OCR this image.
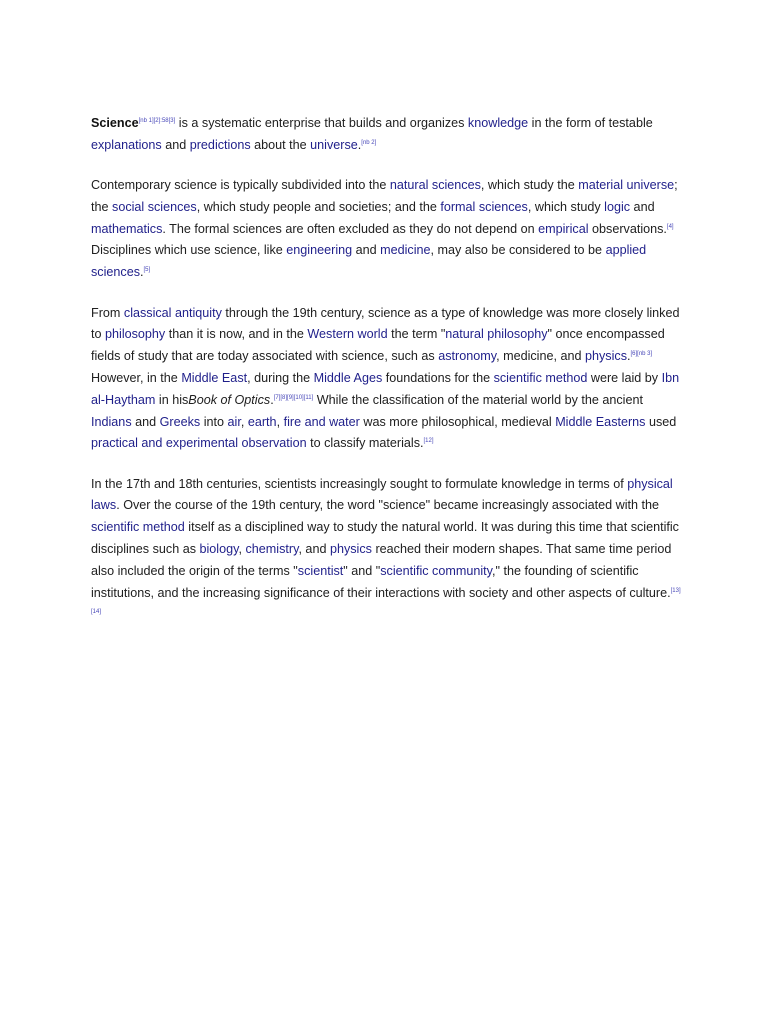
Science[nb 1][2]:58[3] is a systematic enterprise that builds and organizes knowledge in the form of testable explanations and predictions about the universe.[nb 2]

Contemporary science is typically subdivided into the natural sciences, which study the material universe; the social sciences, which study people and societies; and the formal sciences, which study logic and mathematics. The formal sciences are often excluded as they do not depend on empirical observations.[4] Disciplines which use science, like engineering and medicine, may also be considered to be applied sciences.[5]

From classical antiquity through the 19th century, science as a type of knowledge was more closely linked to philosophy than it is now, and in the Western world the term "natural philosophy" once encompassed fields of study that are today associated with science, such as astronomy, medicine, and physics.[6][nb 3] However, in the Middle East, during the Middle Ages foundations for the scientific method were laid by Ibn al-Haytham in hisBook of Optics.[7][8][9][10][11] While the classification of the material world by the ancient Indians and Greeks into air, earth, fire and water was more philosophical, medieval Middle Easterns used practical and experimental observation to classify materials.[12]

In the 17th and 18th centuries, scientists increasingly sought to formulate knowledge in terms of physical laws. Over the course of the 19th century, the word "science" became increasingly associated with the scientific method itself as a disciplined way to study the natural world. It was during this time that scientific disciplines such as biology, chemistry, and physics reached their modern shapes. That same time period also included the origin of the terms "scientist" and "scientific community," the founding of scientific institutions, and the increasing significance of their interactions with society and other aspects of culture.[13][14]
